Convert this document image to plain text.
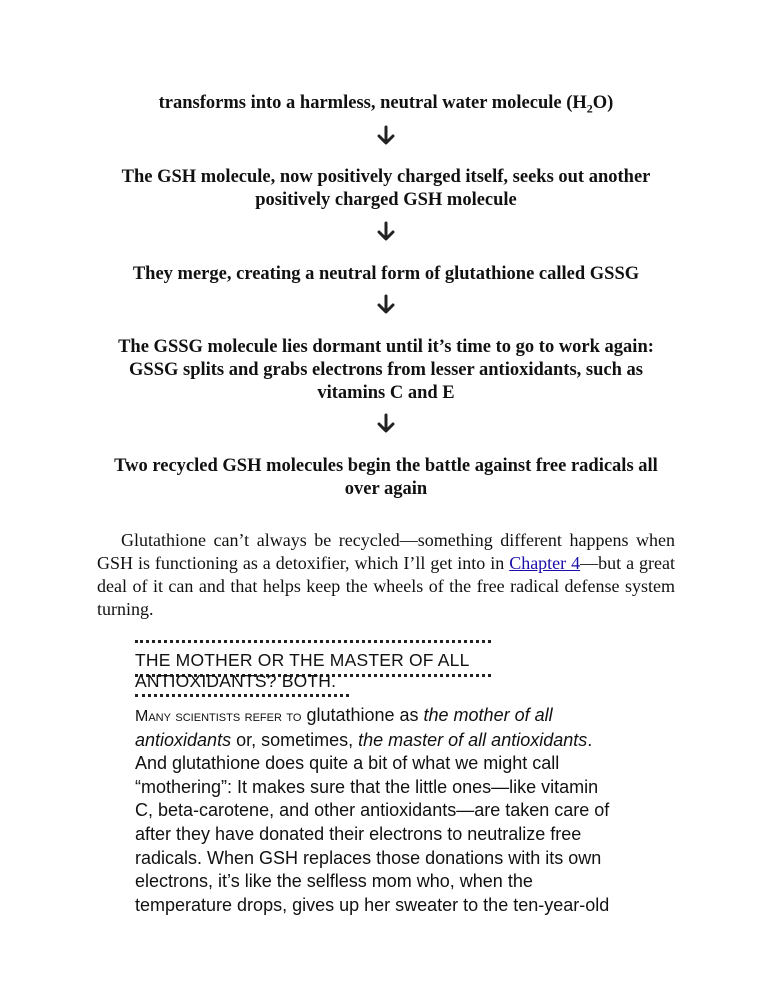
transforms into a harmless, neutral water molecule $(H_2O)$
The GSH molecule, now positively charged itself, seeks out another
positively charged GSH molecule
They merge, creating a neutral form of glutathione called GSSG
The GSSG molecule lies dormant until it’s time to go to work again:
GSSG splits and grabs electrons from lesser antioxidants, such as
vitamins C and E
Two recycled GSH molecules begin the battle against free radicals all
over again
Glutathione can’t always be recycled—something different happens when GSH is functioning as a detoxifier, which I’ll get into in Chapter 4—but a great deal of it can and that helps keep the wheels of the free radical defense system turning.
THE MOTHER OR THE MASTER OF ALL
ANTIOXIDANTS? BOTH.
Many scientists refer to glutathione as the mother of all
antioxidants or, sometimes, the master of all antioxidants.
And glutathione does quite a bit of what we might call
“mothering”: It makes sure that the little ones—like vitamin
C, beta-carotene, and other antioxidants—are taken care of
after they have donated their electrons to neutralize free
radicals. When GSH replaces those donations with its own
electrons, it’s like the selfless mom who, when the
temperature drops, gives up her sweater to the ten-year-old
